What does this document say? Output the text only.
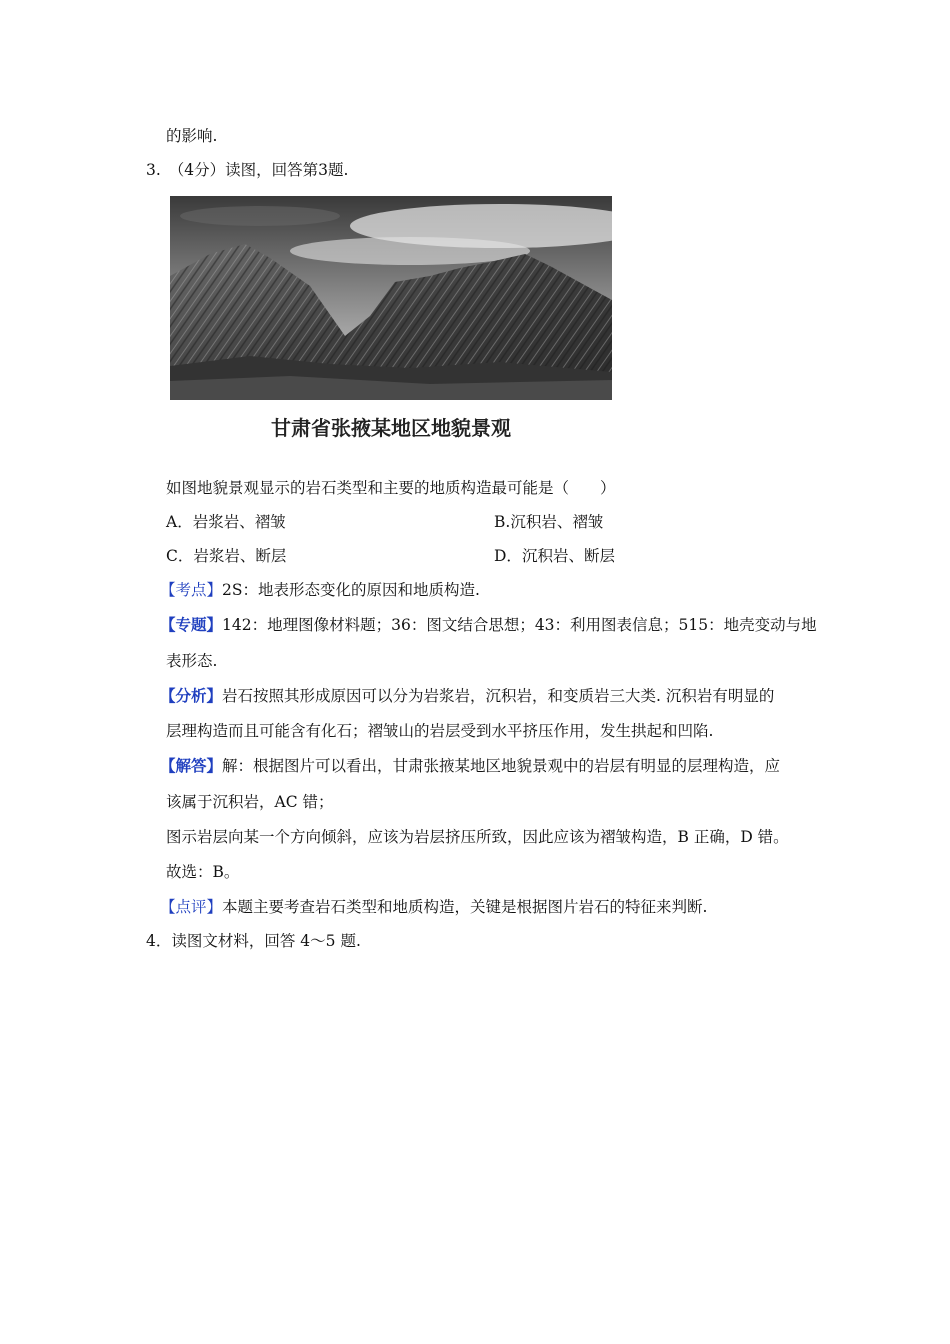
的影响.
3. （4分）读图，回答第3题.
甘肃省张掖某地区地貌景观
如图地貌景观显示的岩石类型和主要的地质构造最可能是（　　）
A．岩浆岩、褶皱	B.沉积岩、褶皱
C．岩浆岩、断层	D．沉积岩、断层
【考点】2S：地表形态变化的原因和地质构造.
【专题】142：地理图像材料题；36：图文结合思想；43：利用图表信息；515：地壳变动与地
表形态.
【分析】岩石按照其形成原因可以分为岩浆岩，沉积岩，和变质岩三大类. 沉积岩有明显的
层理构造而且可能含有化石；褶皱山的岩层受到水平挤压作用，发生拱起和凹陷.
【解答】解：根据图片可以看出，甘肃张掖某地区地貌景观中的岩层有明显的层理构造，应
该属于沉积岩，AC 错；
图示岩层向某一个方向倾斜，应该为岩层挤压所致，因此应该为褶皱构造，B 正确，D 错。
故选：B。
【点评】本题主要考查岩石类型和地质构造，关键是根据图片岩石的特征来判断.
4．读图文材料，回答 4～5 题.
